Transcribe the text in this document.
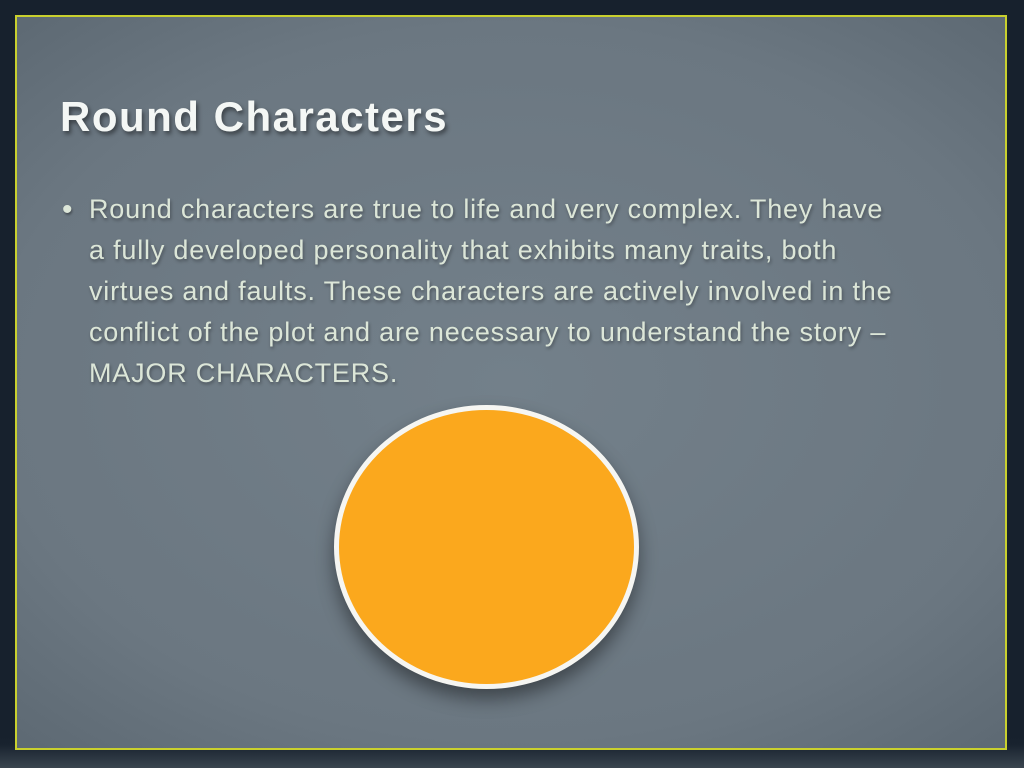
Round Characters
• Round characters are true to life and very complex. They have
a fully developed personality that exhibits many traits, both
virtues and faults. These characters are actively involved in the
conflict of the plot and are necessary to understand the story –
MAJOR CHARACTERS.
